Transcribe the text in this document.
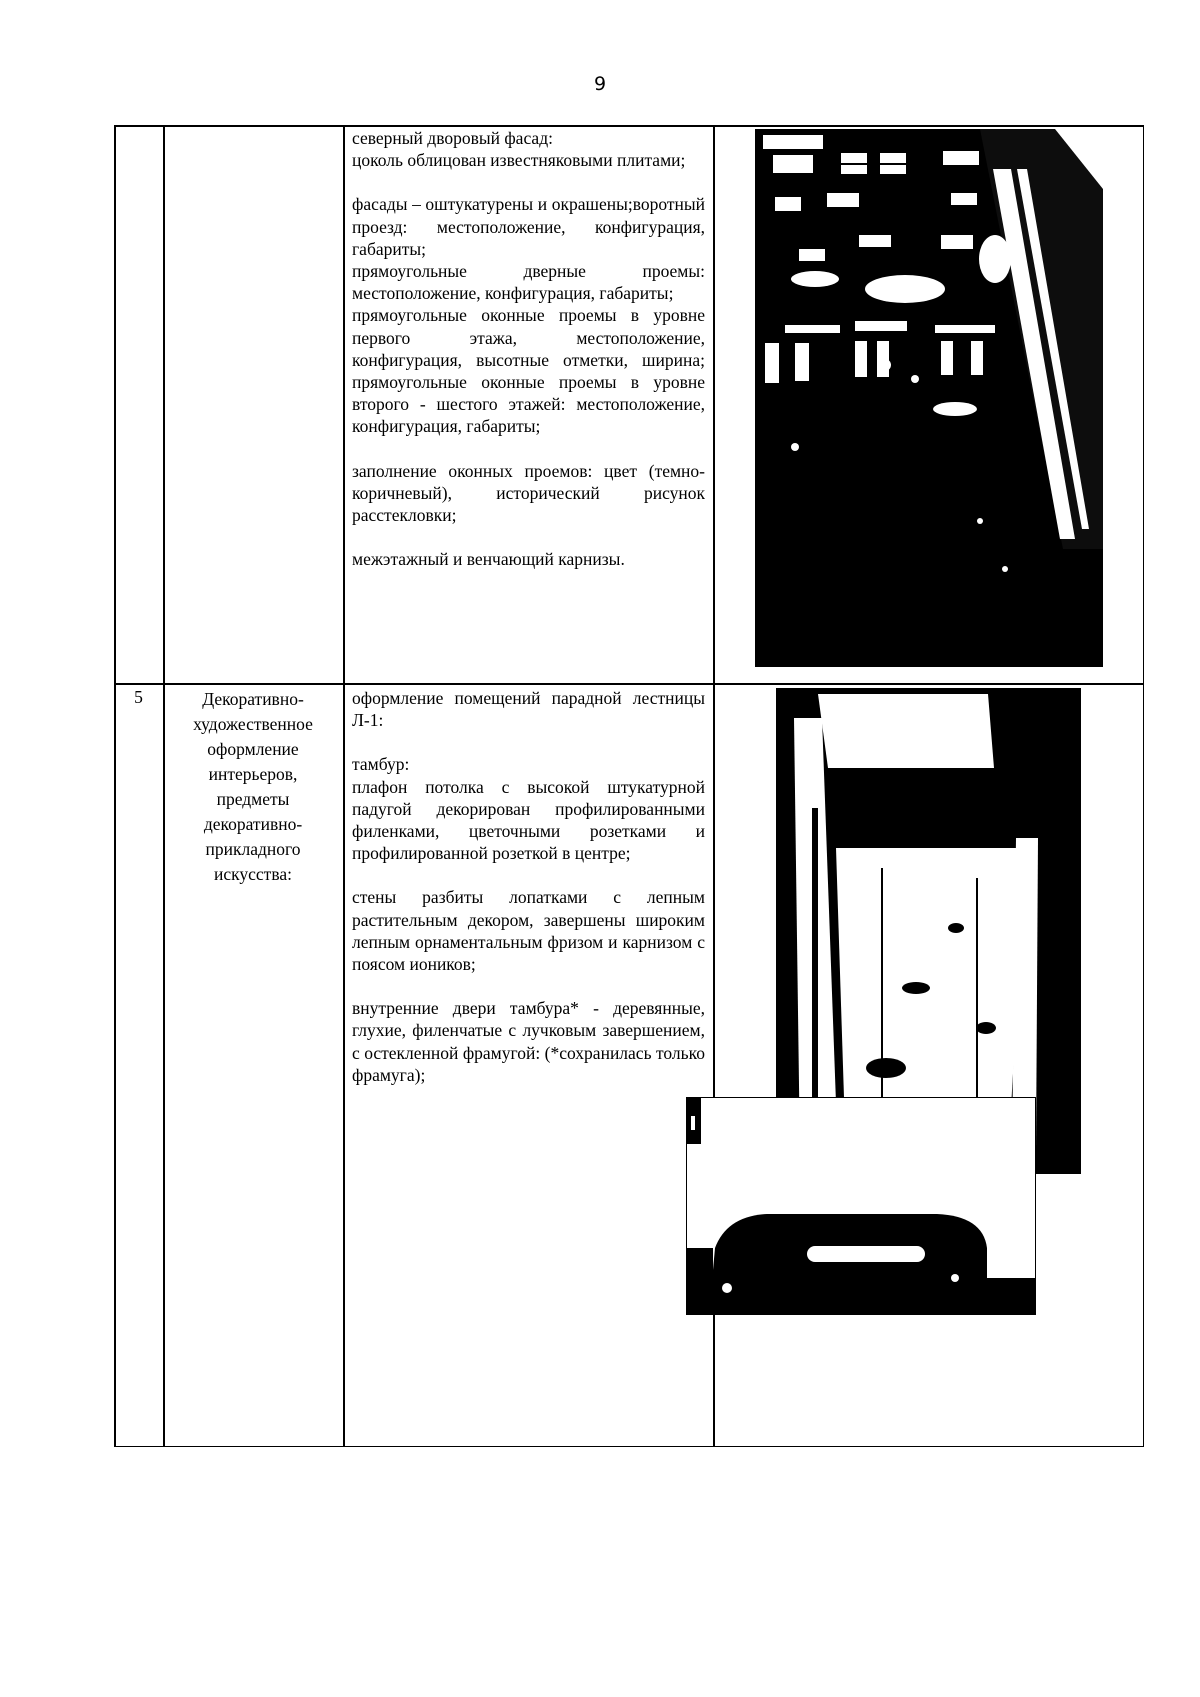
9
северный дворовый фасад:
цоколь облицован известняковыми плитами;
фасады – оштукатурены и окрашены;воротный проезд: местоположение, конфигурация, габариты;
прямоугольные дверные проемы: местоположение, конфигурация, габариты;
прямоугольные оконные проемы в уровне первого этажа, местоположение, конфигурация, высотные отметки, ширина; прямоугольные оконные проемы в уровне второго - шестого этажей: местоположение, конфигурация, габариты;
заполнение оконных проемов: цвет (темно-коричневый), исторический рисунок расстекловки;
межэтажный и венчающий карнизы.
5	Декоративно-художественное оформление интерьеров, предметы декоративно-прикладного искусства:
оформление помещений парадной лестницы Л-1:
тамбур:
плафон потолка с высокой штукатурной падугой декорирован профилированными филенками, цветочными розетками и профилированной розеткой в центре;
стены разбиты лопатками с лепным растительным декором, завершены широким лепным орнаментальным фризом и карнизом с поясом иоников;
внутренние двери тамбура* - деревянные, глухие, филенчатые с лучковым завершением, с остекленной фрамугой: (*сохранилась только фрамуга);
